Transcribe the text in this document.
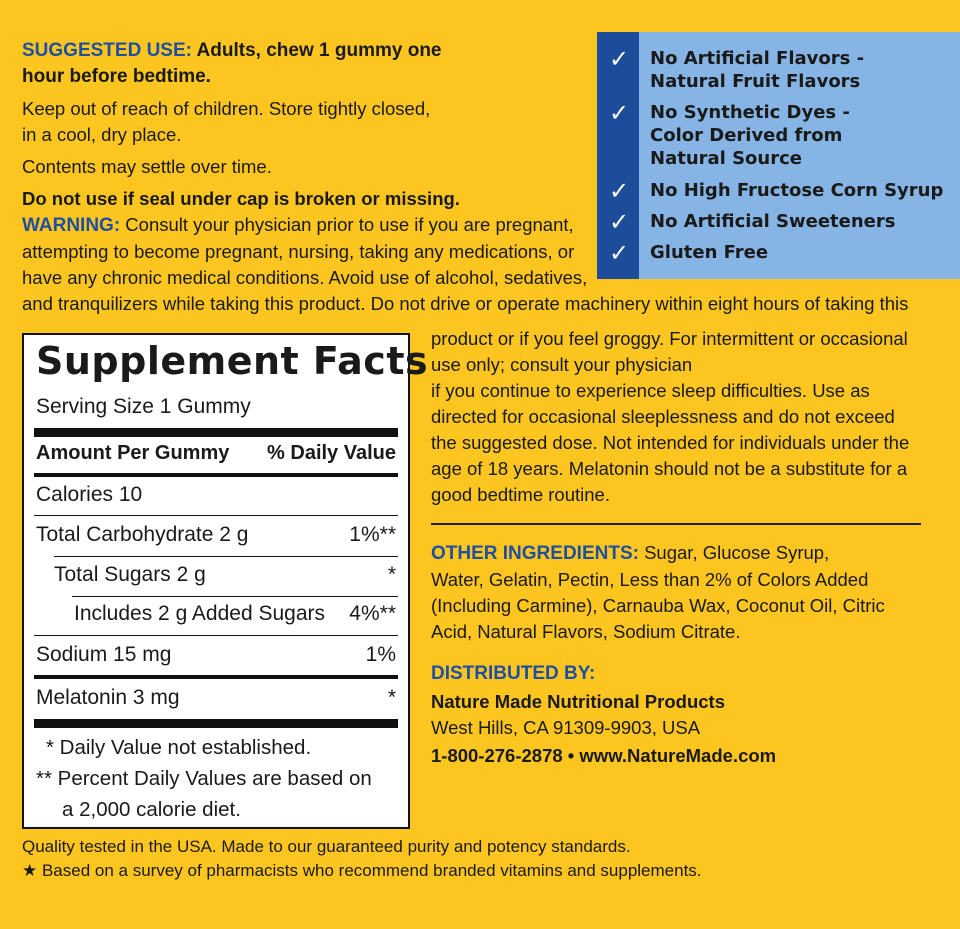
SUGGESTED USE: Adults, chew 1 gummy one
hour before bedtime.
Keep out of reach of children. Store tightly closed,
in a cool, dry place.
Contents may settle over time.
Do not use if seal under cap is broken or missing.
WARNING: Consult your physician prior to use if you are pregnant,
attempting to become pregnant, nursing, taking any medications, or
have any chronic medical conditions. Avoid use of alcohol, sedatives,
and tranquilizers while taking this product. Do not drive or operate machinery within eight hours of taking this
✓ No Artificial Flavors -
Natural Fruit Flavors
✓ No Synthetic Dyes -
Color Derived from
Natural Source
✓ No High Fructose Corn Syrup
✓ No Artificial Sweeteners
✓ Gluten Free
Supplement Facts
Serving Size 1 Gummy
Amount Per Gummy % Daily Value
Calories 10
Total Carbohydrate 2 g	1%**
Total Sugars 2 g	*
Includes 2 g Added Sugars 4%**
Sodium 15 mg	1%
Melatonin 3 mg	*
* Daily Value not established.
** Percent Daily Values are based on
a 2,000 calorie diet.
product or if you feel groggy. For intermittent or occasional
use only; consult your physician
if you continue to experience sleep difficulties. Use as
directed for occasional sleeplessness and do not exceed
the suggested dose. Not intended for individuals under the
age of 18 years. Melatonin should not be a substitute for a
good bedtime routine.
OTHER INGREDIENTS: Sugar, Glucose Syrup,
Water, Gelatin, Pectin, Less than 2% of Colors Added
(Including Carmine), Carnauba Wax, Coconut Oil, Citric
Acid, Natural Flavors, Sodium Citrate.
DISTRIBUTED BY:
Nature Made Nutritional Products
West Hills, CA 91309-9903, USA
1-800-276-2878 • www.NatureMade.com
Quality tested in the USA. Made to our guaranteed purity and potency standards.
★ Based on a survey of pharmacists who recommend branded vitamins and supplements.
